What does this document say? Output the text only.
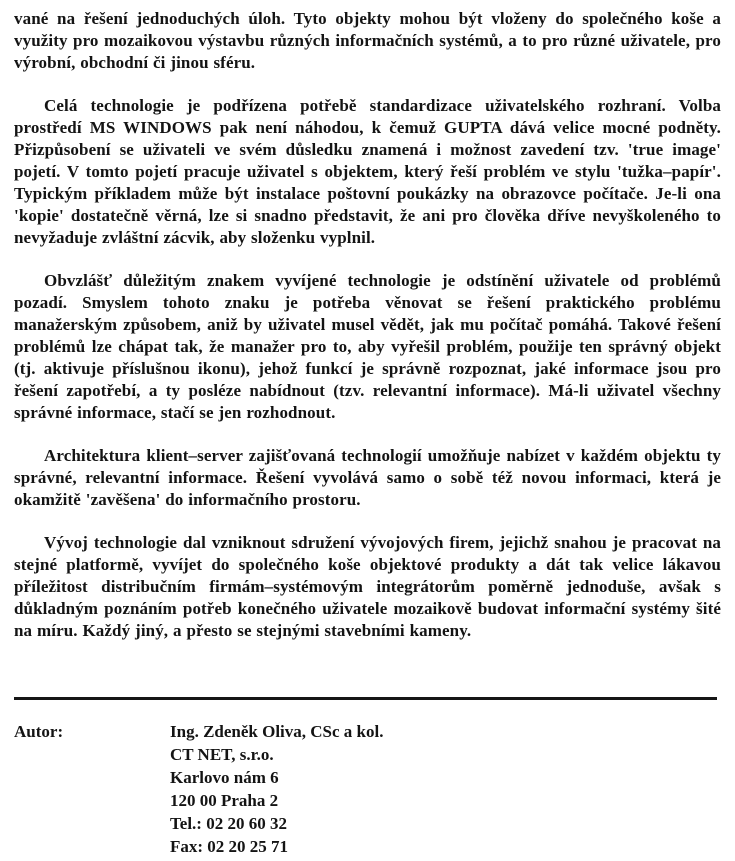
vané na řešení jednoduchých úloh. Tyto objekty mohou být vloženy do společného koše a využity pro mozaikovou výstavbu různých informačních systémů, a to pro různé uživatele, pro výrobní, obchodní či jinou sféru.

Celá technologie je podřízena potřebě standardizace uživatelského rozhraní. Volba prostředí MS WINDOWS pak není náhodou, k čemuž GUPTA dává velice mocné podněty. Přizpůsobení se uživateli ve svém důsledku znamená i možnost zavedení tzv. 'true image' pojetí. V tomto pojetí pracuje uživatel s objektem, který řeší problém ve stylu 'tužka–papír'. Typickým příkladem může být instalace poštovní poukázky na obrazovce počítače. Je-li ona 'kopie' dostatečně věrná, lze si snadno představit, že ani pro člověka dříve nevyškoleného to nevyžaduje zvláštní zácvik, aby složenku vyplnil.

Obvzlášť důležitým znakem vyvíjené technologie je odstínění uživatele od problémů pozadí. Smyslem tohoto znaku je potřeba věnovat se řešení praktického problému manažerským způsobem, aniž by uživatel musel vědět, jak mu počítač pomáhá. Takové řešení problémů lze chápat tak, že manažer pro to, aby vyřešil problém, použije ten správný objekt (tj. aktivuje příslušnou ikonu), jehož funkcí je správně rozpoznat, jaké informace jsou pro řešení zapotřebí, a ty posléze nabídnout (tzv. relevantní informace). Má-li uživatel všechny správné informace, stačí se jen rozhodnout.

Architektura klient–server zajišťovaná technologií umožňuje nabízet v každém objektu ty správné, relevantní informace. Řešení vyvolává samo o sobě též novou informaci, která je okamžitě 'zavěšena' do informačního prostoru.

Vývoj technologie dal vzniknout sdružení vývojových firem, jejichž snahou je pracovat na stejné platformě, vyvíjet do společného koše objektové produkty a dát tak velice lákavou příležitost distribučním firmám–systémovým integrátorům poměrně jednoduše, avšak s důkladným poznáním potřeb konečného uživatele mozaikově budovat informační systémy šité na míru. Každý jiný, a přesto se stejnými stavebními kameny.

Autor:	Ing. Zdeněk Oliva, CSc a kol.
CT NET, s.r.o.
Karlovo nám 6
120 00 Praha 2
Tel.: 02 20 60 32
Fax: 02 20 25 71
